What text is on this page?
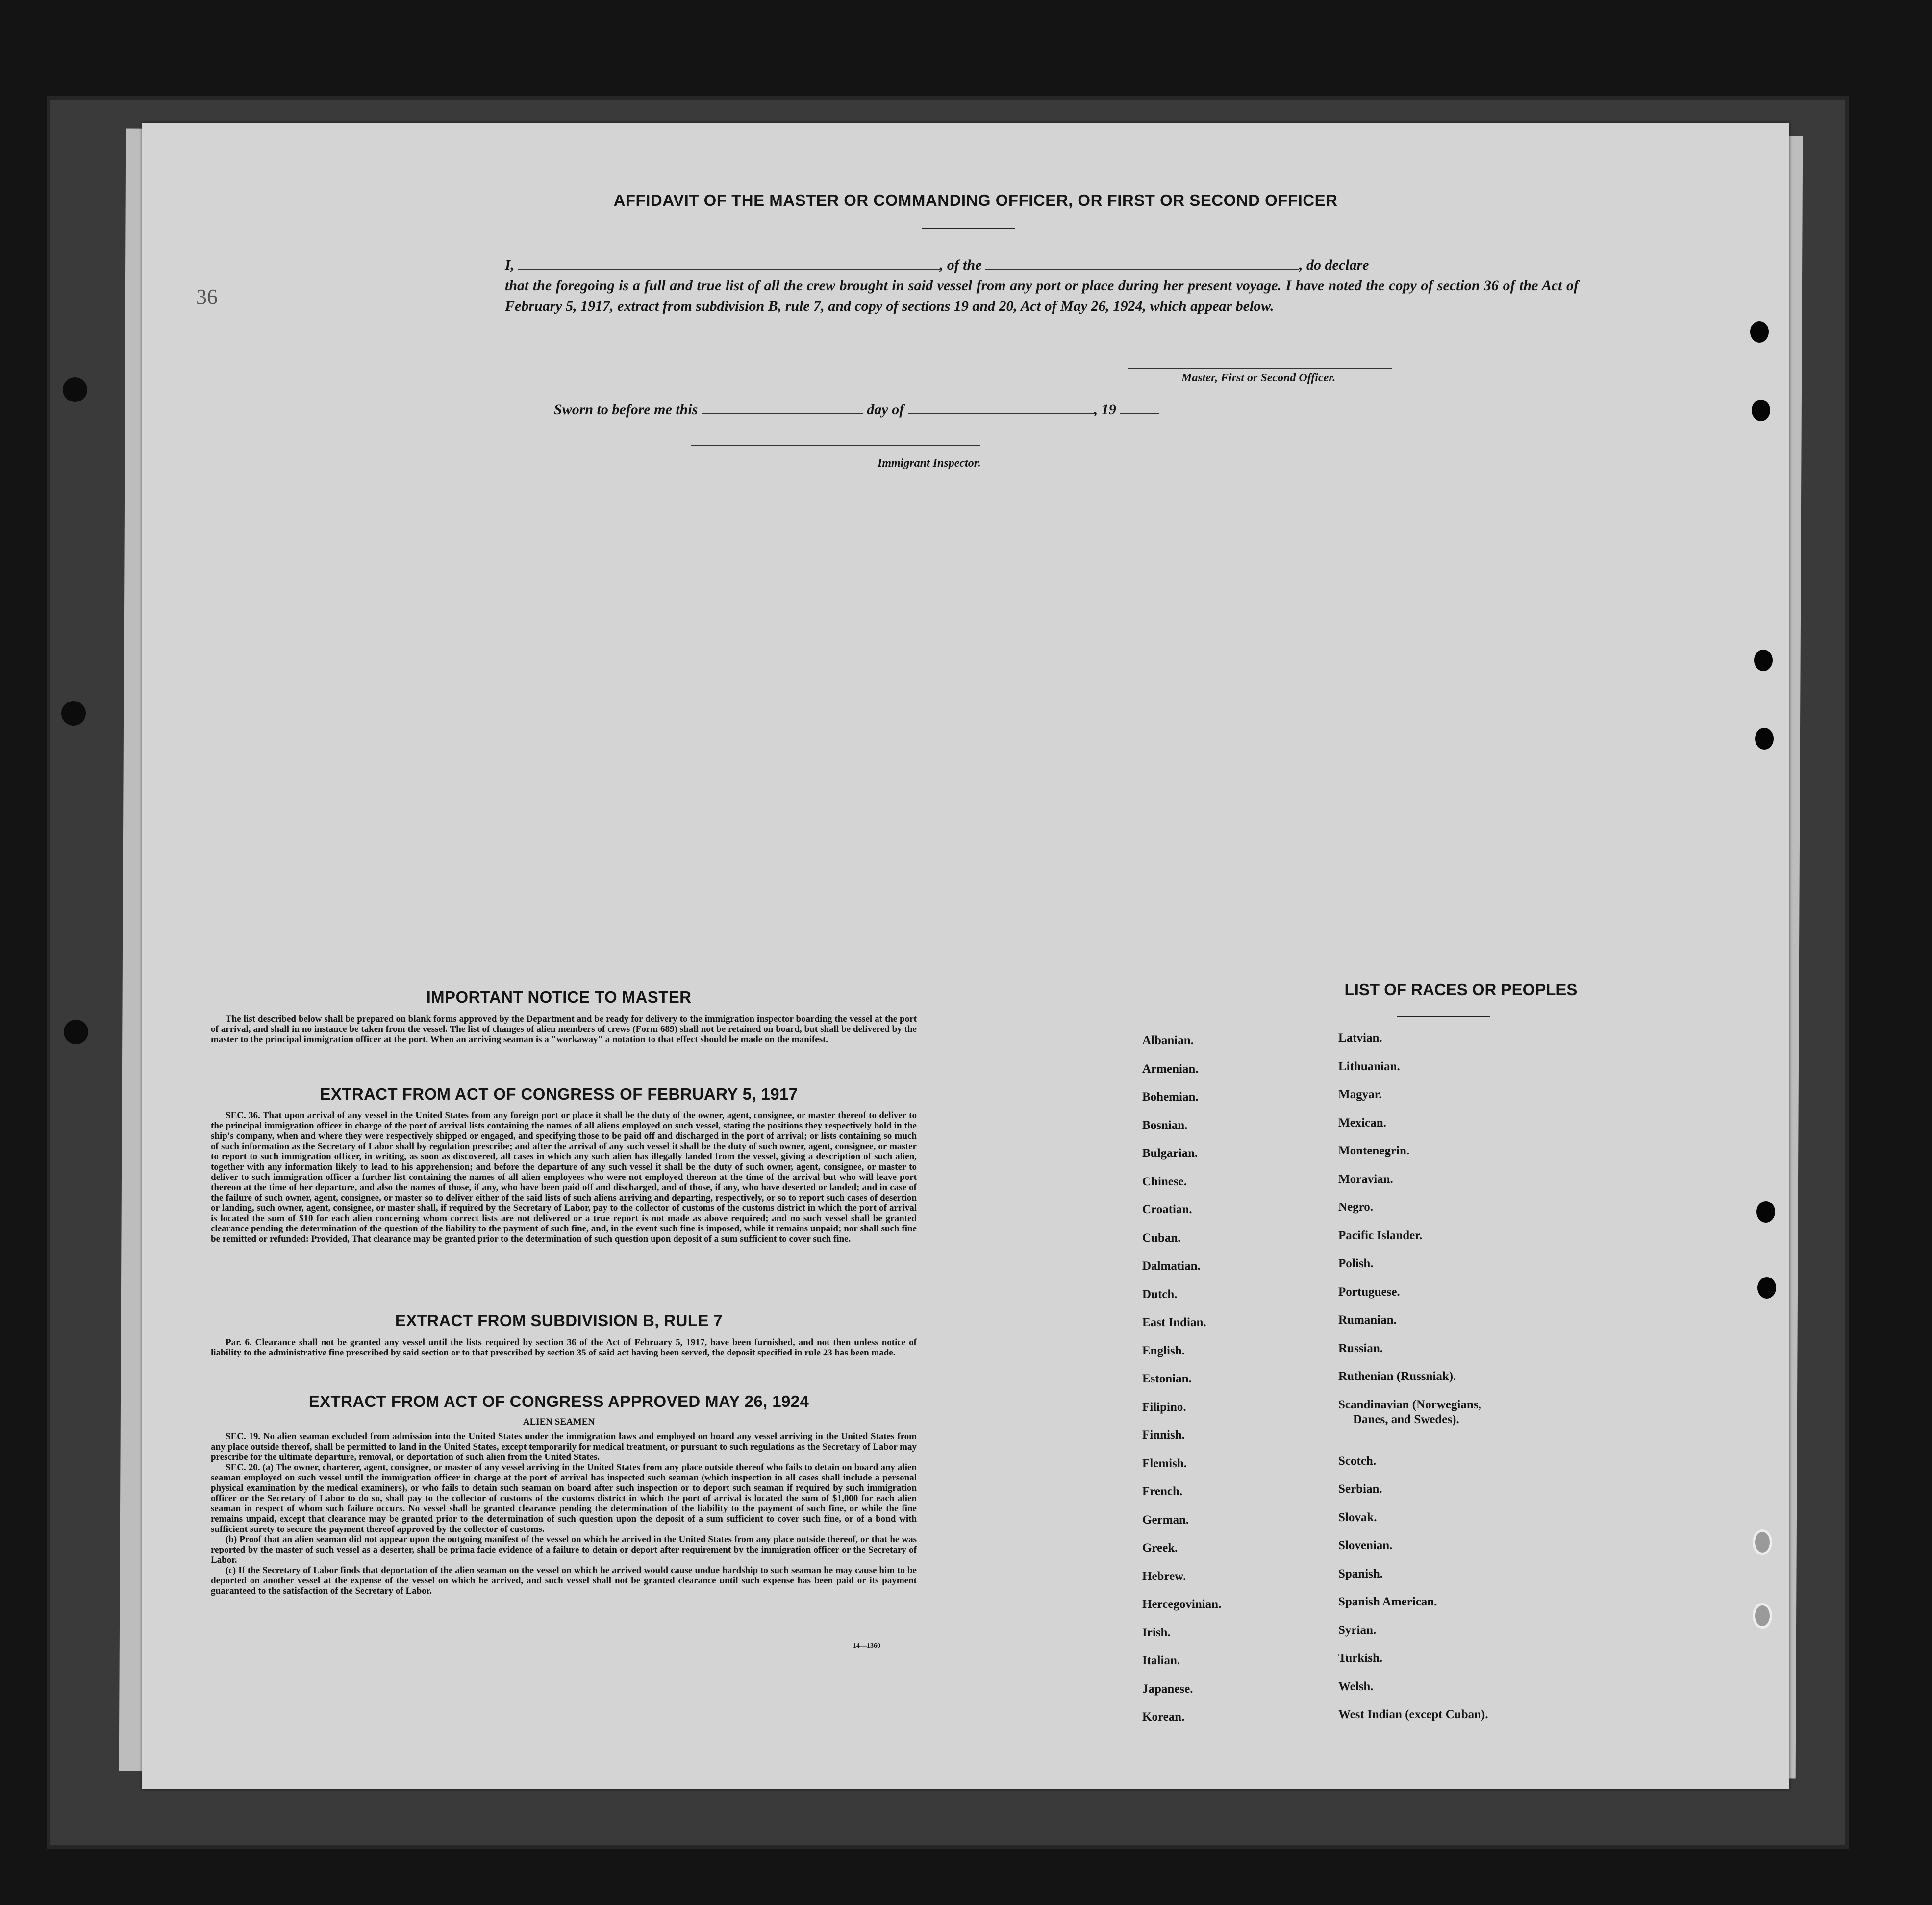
36
AFFIDAVIT OF THE MASTER OR COMMANDING OFFICER, OR FIRST OR SECOND OFFICER

I,	, of the	, do declare

that the foregoing is a full and true list of all the crew brought in said vessel from any port or place during her present voyage. I have noted the copy of section 36 of the Act of February 5, 1917, extract from subdivision B, rule 7, and copy of sections 19 and 20, Act of May 26, 1924, which appear below.

Master, First or Second Officer.
Sworn to before me this	day of	, 19
Immigrant Inspector.
IMPORTANT NOTICE TO MASTER

The list described below shall be prepared on blank forms approved by the Department and be ready for delivery to the immigration inspector boarding the vessel at the port of arrival, and shall in no instance be taken from the vessel. The list of changes of alien members of crews (Form 689) shall not be retained on board, but shall be delivered by the master to the principal immigration officer at the port. When an arriving seaman is a "workaway" a notation to that effect should be made on the manifest.

EXTRACT FROM ACT OF CONGRESS OF FEBRUARY 5, 1917

SEC. 36. That upon arrival of any vessel in the United States from any foreign port or place it shall be the duty of the owner, agent, consignee, or master thereof to deliver to the principal immigration officer in charge of the port of arrival lists containing the names of all aliens employed on such vessel, stating the positions they respectively hold in the ship's company, when and where they were respectively shipped or engaged, and specifying those to be paid off and discharged in the port of arrival; or lists containing so much of such information as the Secretary of Labor shall by regulation prescribe; and after the arrival of any such vessel it shall be the duty of such owner, agent, consignee, or master to report to such immigration officer, in writing, as soon as discovered, all cases in which any such alien has illegally landed from the vessel, giving a description of such alien, together with any information likely to lead to his apprehension; and before the departure of any such vessel it shall be the duty of such owner, agent, consignee, or master to deliver to such immigration officer a further list containing the names of all alien employees who were not employed thereon at the time of the arrival but who will leave port thereon at the time of her departure, and also the names of those, if any, who have been paid off and discharged, and of those, if any, who have deserted or landed; and in case of the failure of such owner, agent, consignee, or master so to deliver either of the said lists of such aliens arriving and departing, respectively, or so to report such cases of desertion or landing, such owner, agent, consignee, or master shall, if required by the Secretary of Labor, pay to the collector of customs of the customs district in which the port of arrival is located the sum of $10 for each alien concerning whom correct lists are not delivered or a true report is not made as above required; and no such vessel shall be granted clearance pending the determination of the question of the liability to the payment of such fine, and, in the event such fine is imposed, while it remains unpaid; nor shall such fine be remitted or refunded: Provided, That clearance may be granted prior to the determination of such question upon deposit of a sum sufficient to cover such fine.

EXTRACT FROM SUBDIVISION B, RULE 7

Par. 6. Clearance shall not be granted any vessel until the lists required by section 36 of the Act of February 5, 1917, have been furnished, and not then unless notice of liability to the administrative fine prescribed by said section or to that prescribed by section 35 of said act having been served, the deposit specified in rule 23 has been made.

EXTRACT FROM ACT OF CONGRESS APPROVED MAY 26, 1924
ALIEN SEAMEN

SEC. 19. No alien seaman excluded from admission into the United States under the immigration laws and employed on board any vessel arriving in the United States from any place outside thereof, shall be permitted to land in the United States, except temporarily for medical treatment, or pursuant to such regulations as the Secretary of Labor may prescribe for the ultimate departure, removal, or deportation of such alien from the United States.

SEC. 20. (a) The owner, charterer, agent, consignee, or master of any vessel arriving in the United States from any place outside thereof who fails to detain on board any alien seaman employed on such vessel until the immigration officer in charge at the port of arrival has inspected such seaman (which inspection in all cases shall include a personal physical examination by the medical examiners), or who fails to detain such seaman on board after such inspection or to deport such seaman if required by such immigration officer or the Secretary of Labor to do so, shall pay to the collector of customs of the customs district in which the port of arrival is located the sum of $1,000 for each alien seaman in respect of whom such failure occurs. No vessel shall be granted clearance pending the determination of the liability to the payment of such fine, or while the fine remains unpaid, except that clearance may be granted prior to the determination of such question upon the deposit of a sum sufficient to cover such fine, or of a bond with sufficient surety to secure the payment thereof approved by the collector of customs.

(b) Proof that an alien seaman did not appear upon the outgoing manifest of the vessel on which he arrived in the United States from any place outside thereof, or that he was reported by the master of such vessel as a deserter, shall be prima facie evidence of a failure to detain or deport after requirement by the immigration officer or the Secretary of Labor.

(c) If the Secretary of Labor finds that deportation of the alien seaman on the vessel on which he arrived would cause undue hardship to such seaman he may cause him to be deported on another vessel at the expense of the vessel on which he arrived, and such vessel shall not be granted clearance until such expense has been paid or its payment guaranteed to the satisfaction of the Secretary of Labor.

14—1360
LIST OF RACES OR PEOPLES
Albanian.
Armenian.
Bohemian.
Bosnian.
Bulgarian.
Chinese.
Croatian.
Cuban.
Dalmatian.
Dutch.
East Indian.
English.
Estonian.
Filipino.
Finnish.
Flemish.
French.
German.
Greek.
Hebrew.
Hercegovinian.
Irish.
Italian.
Japanese.
Korean.
Latvian.
Lithuanian.
Magyar.
Mexican.
Montenegrin.
Moravian.
Negro.
Pacific Islander.
Polish.
Portuguese.
Rumanian.
Russian.
Ruthenian (Russniak).
Scandinavian (Norwegians,
Danes, and Swedes).
Scotch.
Serbian.
Slovak.
Slovenian.
Spanish.
Spanish American.
Syrian.
Turkish.
Welsh.
West Indian (except Cuban).
